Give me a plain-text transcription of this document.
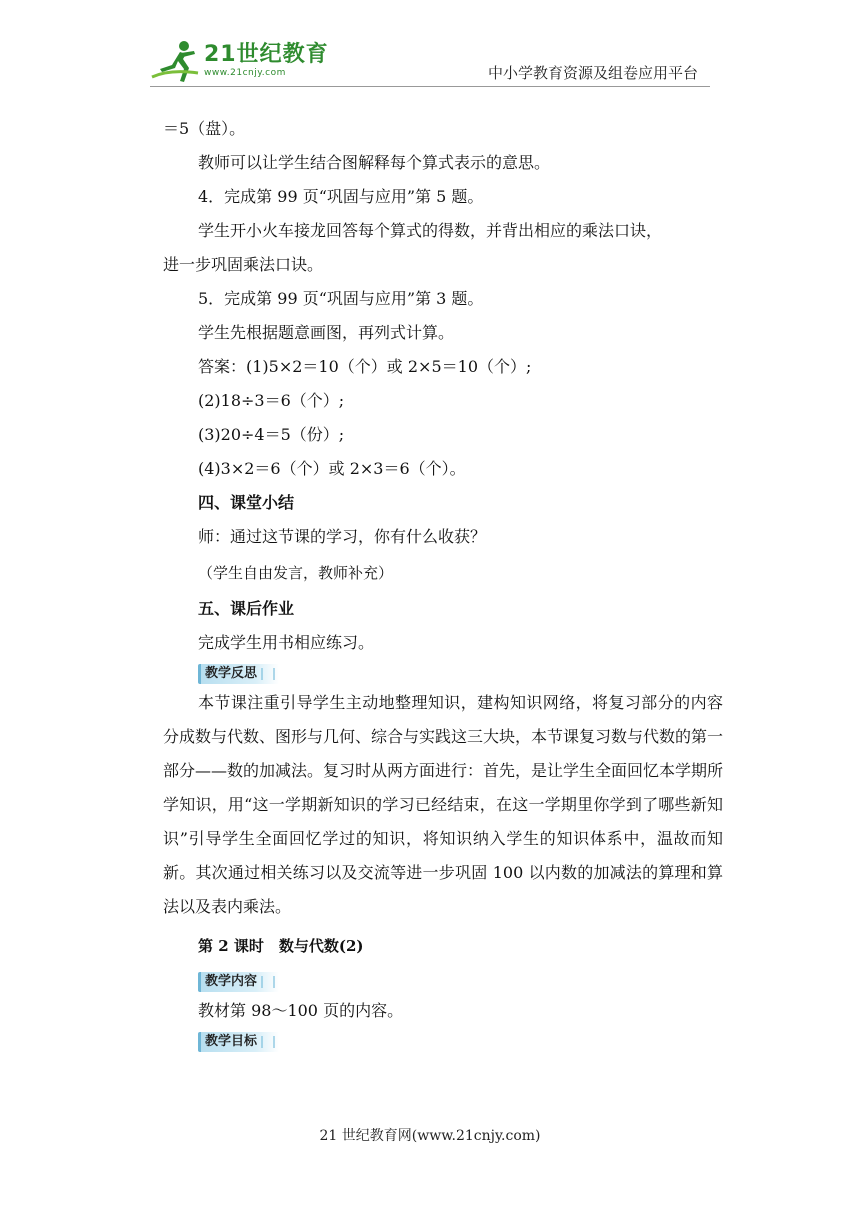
21世纪教育
www.21cnjy.com	中小学教育资源及组卷应用平台

＝5（盘）。

教师可以让学生结合图解释每个算式表示的意思。

4．完成第 99 页“巩固与应用”第 5 题。

学生开小火车接龙回答每个算式的得数，并背出相应的乘法口诀，

进一步巩固乘法口诀。

5．完成第 99 页“巩固与应用”第 3 题。

学生先根据题意画图，再列式计算。

答案：(1)5×2＝10（个）或 2×5＝10（个）;

(2)18÷3＝6（个）;

(3)20÷4＝5（份）;

(4)3×2＝6（个）或 2×3＝6（个）。

四、课堂小结

师：通过这节课的学习，你有什么收获？

（学生自由发言，教师补充）

五、课后作业

完成学生用书相应练习。

教学反思

本节课注重引导学生主动地整理知识，建构知识网络，将复习部分的内容分成数与代数、图形与几何、综合与实践这三大块，本节课复习数与代数的第一部分——数的加减法。复习时从两方面进行：首先，是让学生全面回忆本学期所学知识，用“这一学期新知识的学习已经结束，在这一学期里你学到了哪些新知识”引导学生全面回忆学过的知识，将知识纳入学生的知识体系中，温故而知新。其次通过相关练习以及交流等进一步巩固 100 以内数的加减法的算理和算法以及表内乘法。

第 2 课时　数与代数(2)

教学内容

教材第 98～100 页的内容。

教学目标
21 世纪教育网(www.21cnjy.com)
